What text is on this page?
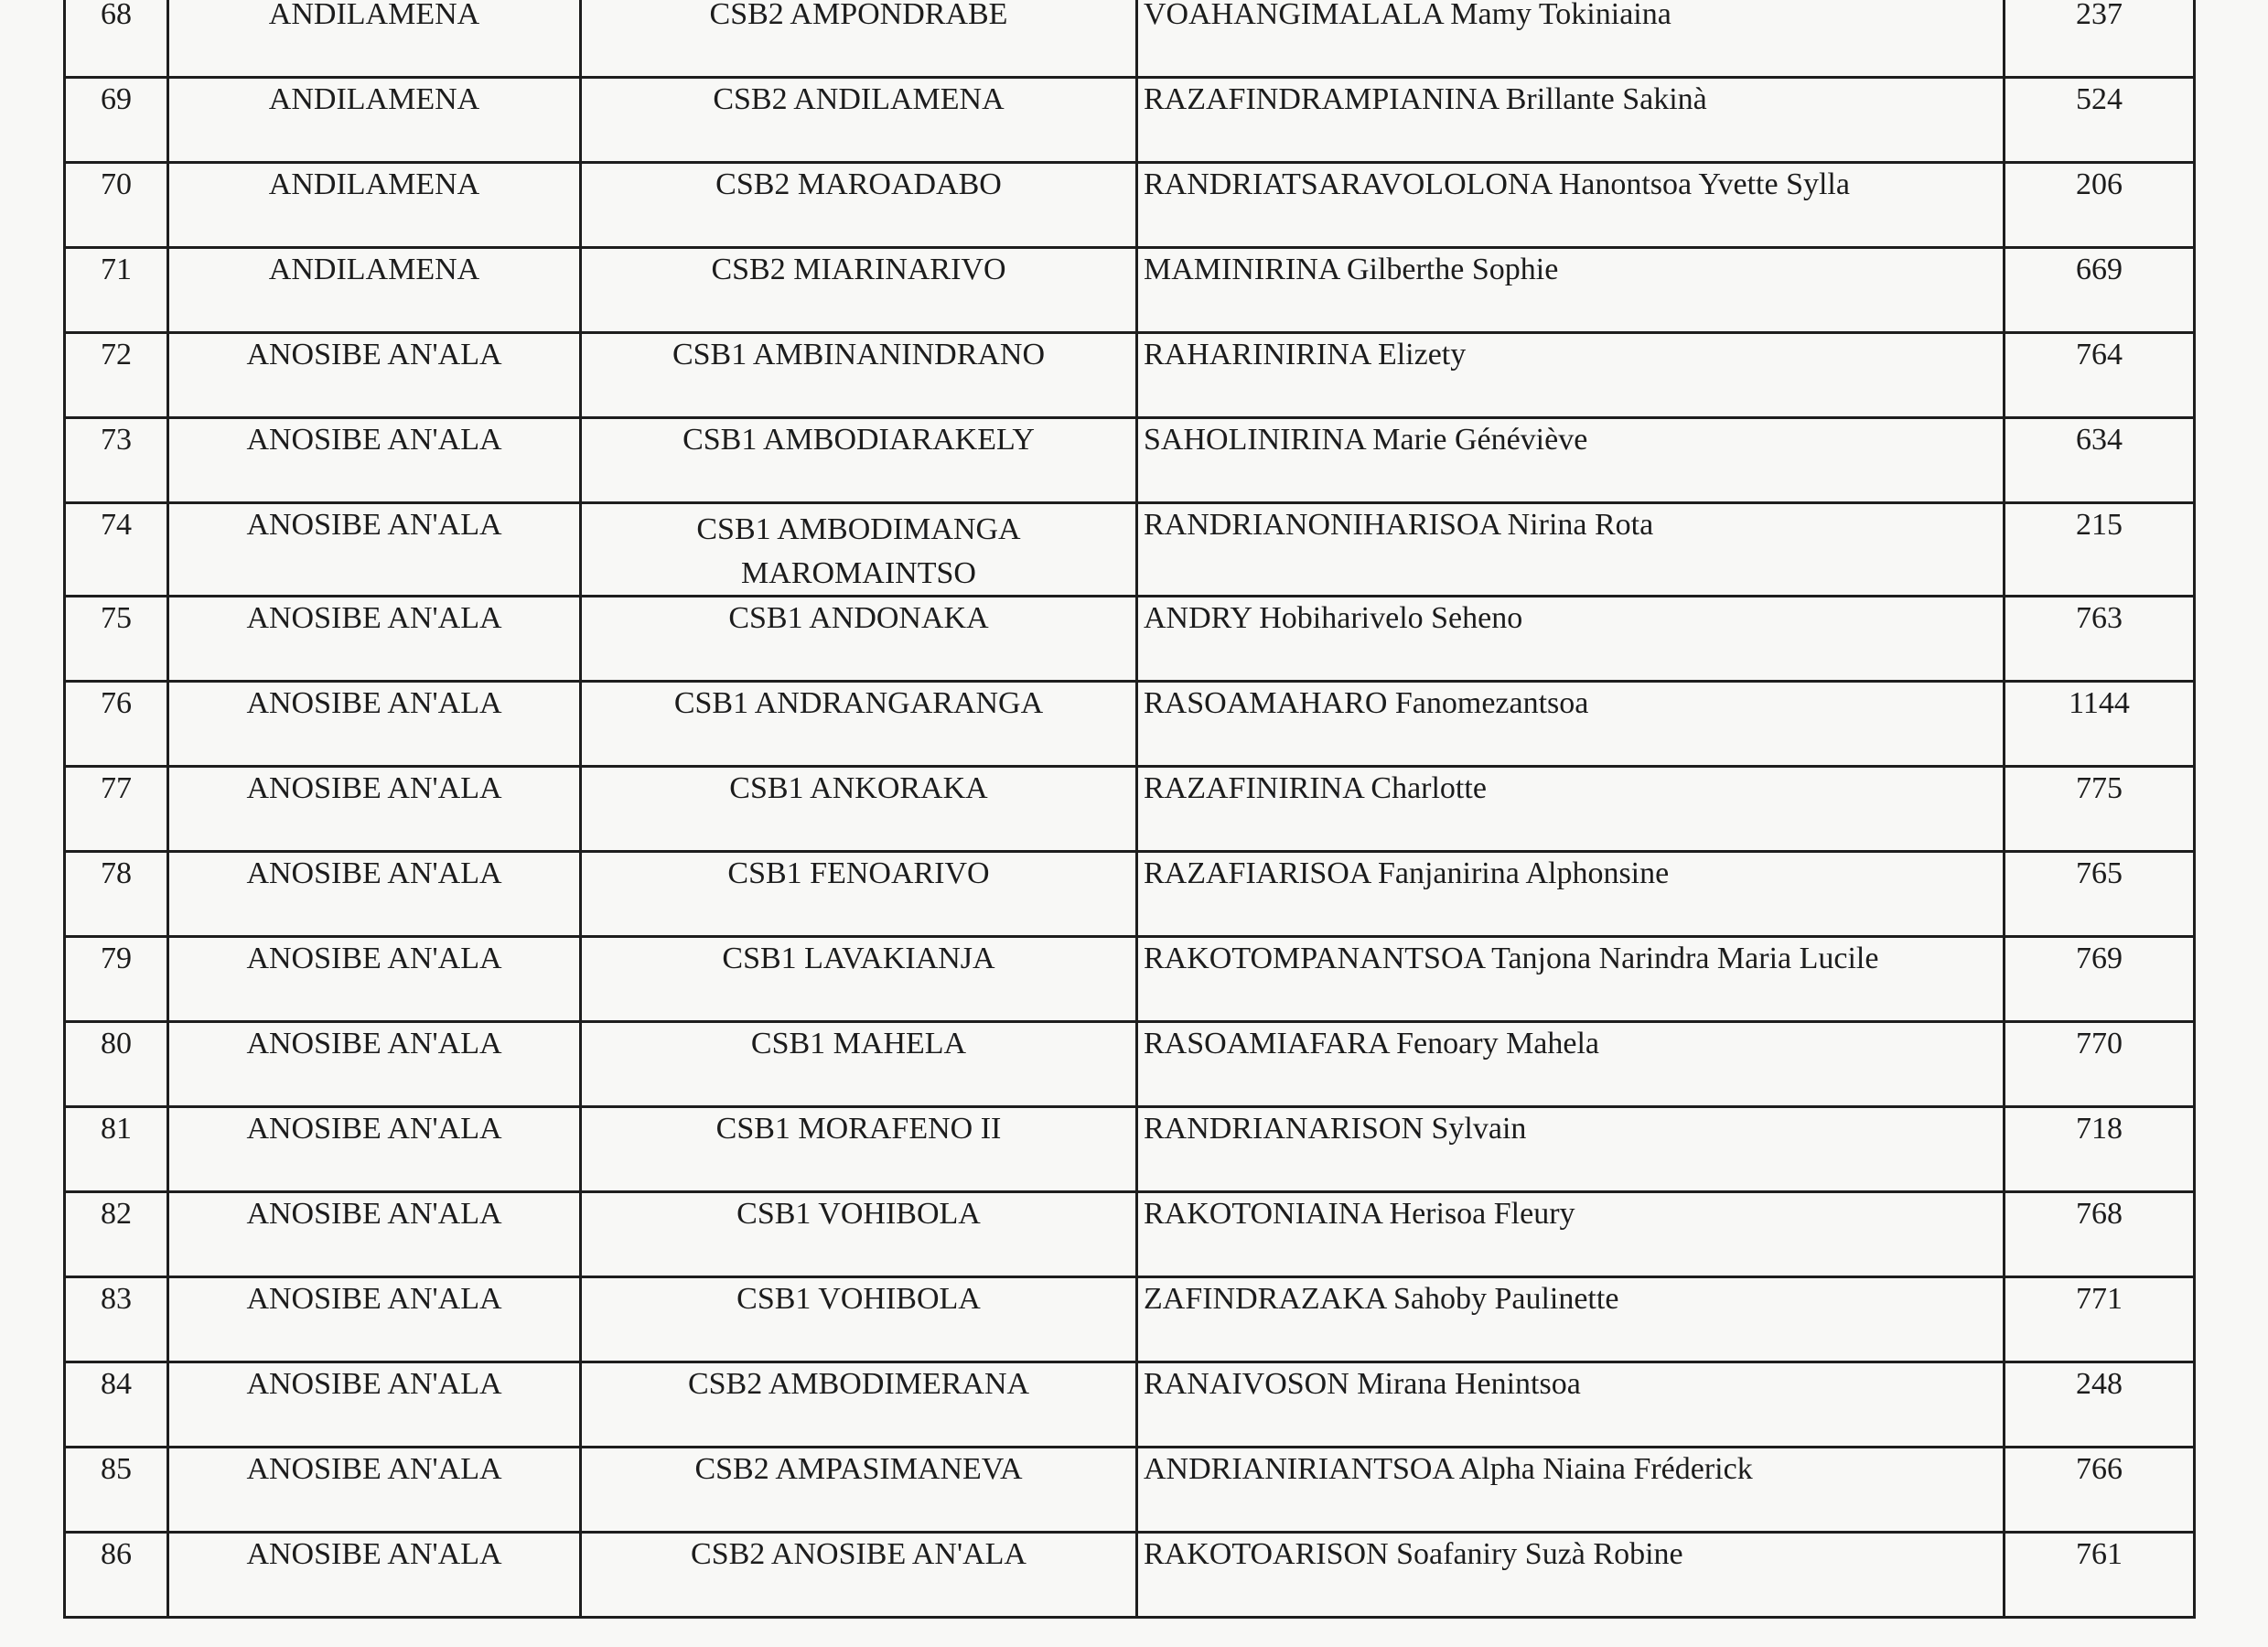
68	ANDILAMENA	CSB2 AMPONDRABE	VOAHANGIMALALA Mamy Tokiniaina	237
69	ANDILAMENA	CSB2 ANDILAMENA	RAZAFINDRAMPIANINA Brillante Sakinà	524
70	ANDILAMENA	CSB2 MAROADABO	RANDRIATSARAVOLOLONA Hanontsoa Yvette Sylla	206
71	ANDILAMENA	CSB2 MIARINARIVO	MAMINIRINA Gilberthe Sophie	669
72	ANOSIBE AN'ALA	CSB1 AMBINANINDRANO	RAHARINIRINA Elizety	764
73	ANOSIBE AN'ALA	CSB1 AMBODIARAKELY	SAHOLINIRINA Marie Généviève	634
74	ANOSIBE AN'ALA	CSB1 AMBODIMANGA MAROMAINTSO	RANDRIANONIHARISOA Nirina Rota	215
75	ANOSIBE AN'ALA	CSB1 ANDONAKA	ANDRY Hobiharivelo Seheno	763
76	ANOSIBE AN'ALA	CSB1 ANDRANGARANGA	RASOAMAHARO Fanomezantsoa	1144
77	ANOSIBE AN'ALA	CSB1 ANKORAKA	RAZAFINIRINA Charlotte	775
78	ANOSIBE AN'ALA	CSB1 FENOARIVO	RAZAFIARISOA Fanjanirina Alphonsine	765
79	ANOSIBE AN'ALA	CSB1 LAVAKIANJA	RAKOTOMPANANTSOA Tanjona Narindra Maria Lucile	769
80	ANOSIBE AN'ALA	CSB1 MAHELA	RASOAMIAFARA Fenoary Mahela	770
81	ANOSIBE AN'ALA	CSB1 MORAFENO II	RANDRIANARISON Sylvain	718
82	ANOSIBE AN'ALA	CSB1 VOHIBOLA	RAKOTONIAINA Herisoa Fleury	768
83	ANOSIBE AN'ALA	CSB1 VOHIBOLA	ZAFINDRAZAKA Sahoby Paulinette	771
84	ANOSIBE AN'ALA	CSB2 AMBODIMERANA	RANAIVOSON Mirana Henintsoa	248
85	ANOSIBE AN'ALA	CSB2 AMPASIMANEVA	ANDRIANIRIANTSOA Alpha Niaina Fréderick	766
86	ANOSIBE AN'ALA	CSB2 ANOSIBE AN'ALA	RAKOTOARISON Soafaniry Suzà Robine	761
